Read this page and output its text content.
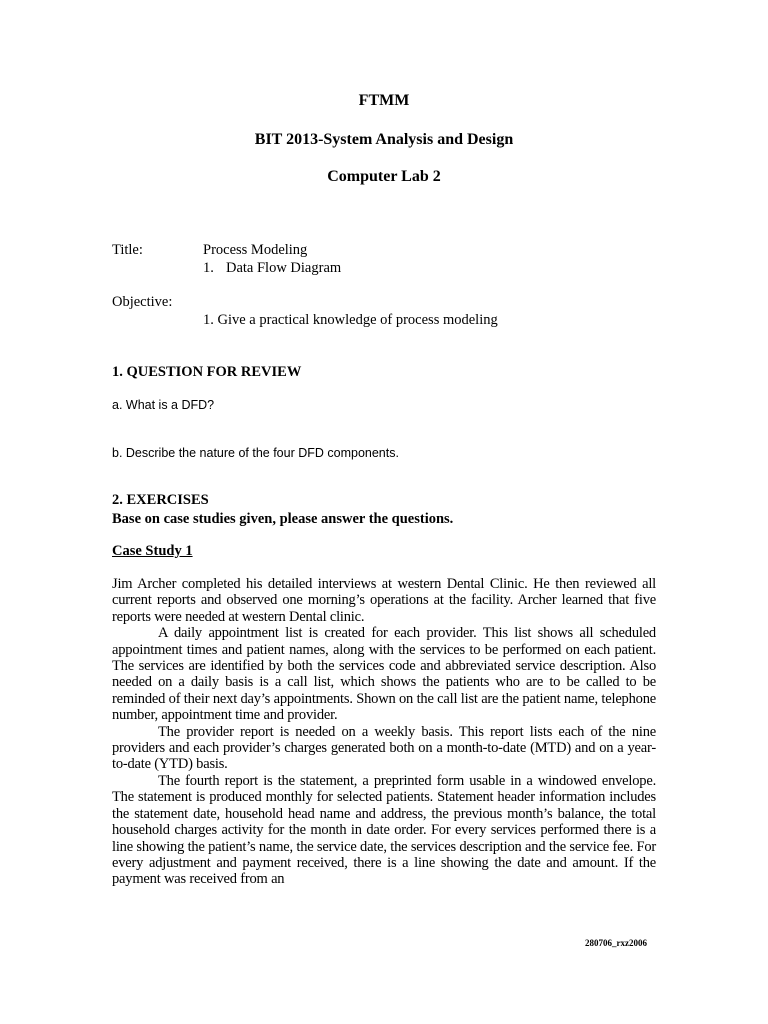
FTMM
BIT 2013-System Analysis and Design
Computer Lab 2
Title:	Process Modeling
1. Data Flow Diagram
Objective:
1. Give a practical knowledge of process modeling
1. QUESTION FOR REVIEW
a. What is a DFD?
b. Describe the nature of the four DFD components.
2. EXERCISES
Base on case studies given, please answer the questions.
Case Study 1

Jim Archer completed his detailed interviews at western Dental Clinic. He then reviewed all current reports and observed one morning’s operations at the facility. Archer learned that five reports were needed at western Dental clinic.

A daily appointment list is created for each provider. This list shows all scheduled appointment times and patient names, along with the services to be performed on each patient. The services are identified by both the services code and abbreviated service description. Also needed on a daily basis is a call list, which shows the patients who are to be called to be reminded of their next day’s appointments. Shown on the call list are the patient name, telephone number, appointment time and provider.

The provider report is needed on a weekly basis. This report lists each of the nine providers and each provider’s charges generated both on a month-to-date (MTD) and on a year-to-date (YTD) basis.

The fourth report is the statement, a preprinted form usable in a windowed envelope. The statement is produced monthly for selected patients. Statement header information includes the statement date, household head name and address, the previous month’s balance, the total household charges activity for the month in date order. For every services performed there is a line showing the patient’s name, the service date, the services description and the service fee. For every adjustment and payment received, there is a line showing the date and amount. If the payment was received from an

280706_rxz2006
